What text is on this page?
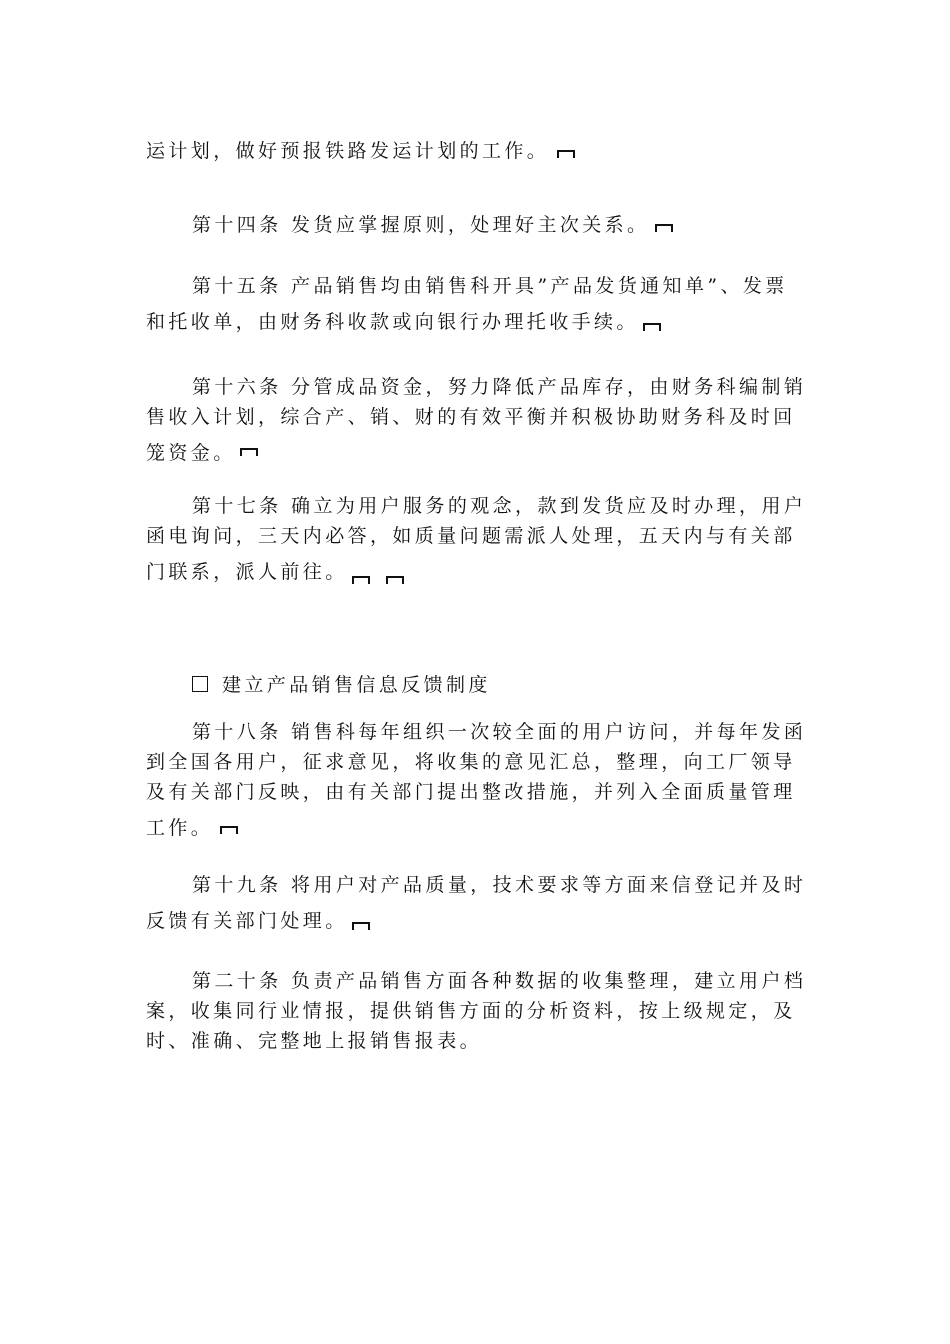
运计划，做好预报铁路发运计划的工作。

第十四条 发货应掌握原则，处理好主次关系。

第十五条 产品销售均由销售科开具”产品发货通知单”、发票
和托收单，由财务科收款或向银行办理托收手续。

第十六条 分管成品资金，努力降低产品库存，由财务科编制销
售收入计划，综合产、销、财的有效平衡并积极协助财务科及时回
笼资金。

第十七条 确立为用户服务的观念，款到发货应及时办理，用户
函电询问，三天内必答，如质量问题需派人处理，五天内与有关部
门联系，派人前往。

建立产品销售信息反馈制度

第十八条 销售科每年组织一次较全面的用户访问，并每年发函
到全国各用户，征求意见，将收集的意见汇总，整理，向工厂领导
及有关部门反映，由有关部门提出整改措施，并列入全面质量管理
工作。

第十九条 将用户对产品质量，技术要求等方面来信登记并及时
反馈有关部门处理。

第二十条 负责产品销售方面各种数据的收集整理，建立用户档
案，收集同行业情报，提供销售方面的分析资料，按上级规定，及
时、准确、完整地上报销售报表。
